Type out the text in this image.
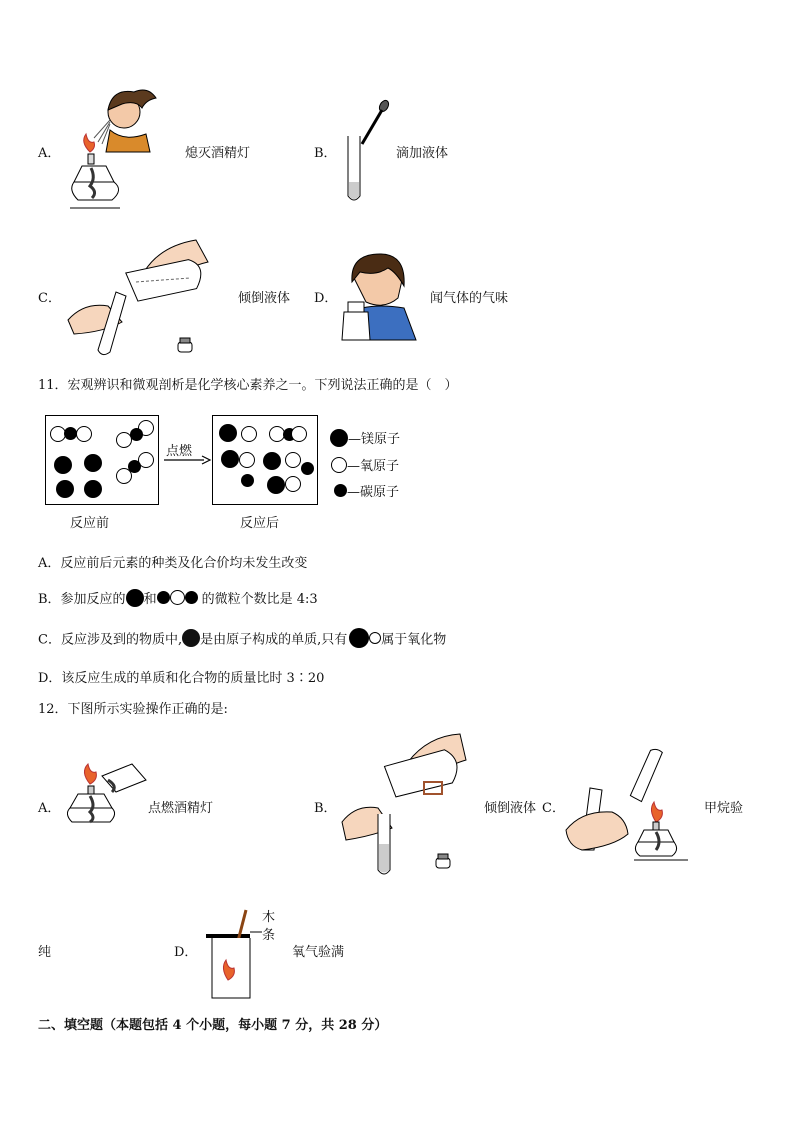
A．	熄灭酒精灯	B．	滴加液体
C．	倾倒液体 D．	闻气体的气味
11．宏观辨识和微观剖析是化学核心素养之一。下列说法正确的是（　）
点燃
反应前	反应后
—镁原子
—氧原子
—碳原子
A．反应前后元素的种类及化合价均未发生改变
B．参加反应的 和	的微粒个数比是 4:3
C．反应涉及到的物质中, 是由原子构成的单质,只有	属于氧化物
D．该反应生成的单质和化合物的质量比时 3∶20
12．下图所示实验操作正确的是:
A．	点燃酒精灯	B．	倾倒液体 C．	甲烷验
纯	D．
木
条
氧气验满
二、填空题（本题包括 4 个小题，每小题 7 分，共 28 分）
